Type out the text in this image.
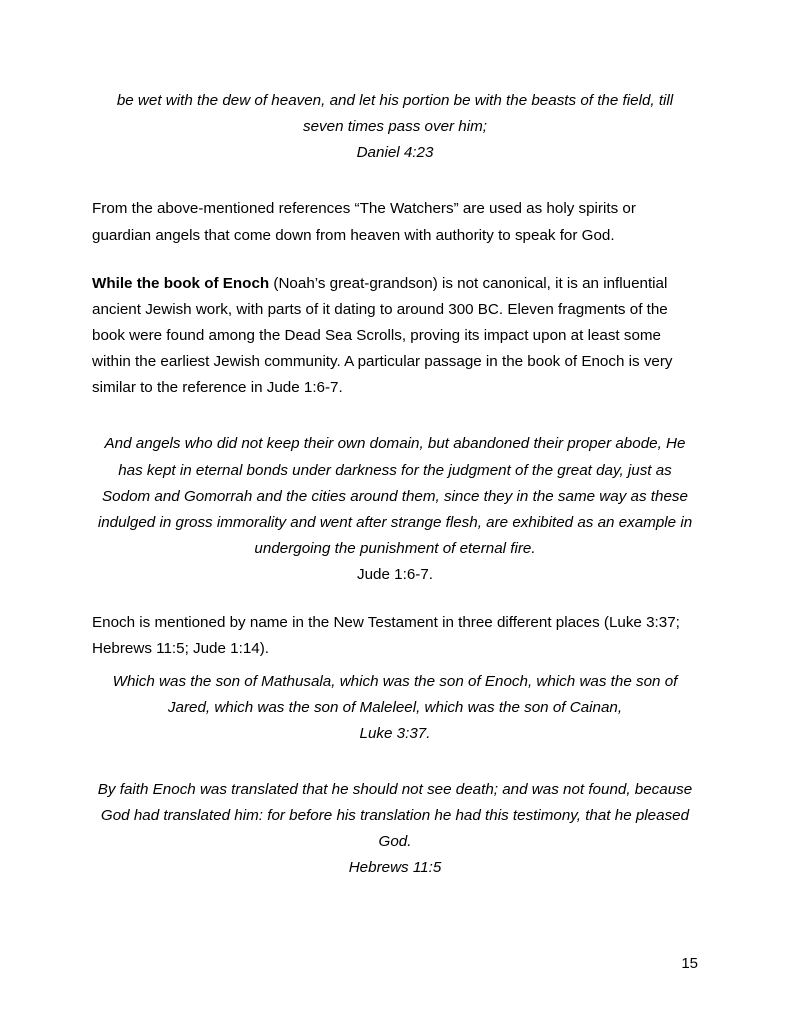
be wet with the dew of heaven, and let his portion be with the beasts of the field, till seven times pass over him;
Daniel 4:23
From the above-mentioned references “The Watchers” are used as holy spirits or guardian angels that come down from heaven with authority to speak for God.
While the book of Enoch (Noah’s great-grandson) is not canonical, it is an influential ancient Jewish work, with parts of it dating to around 300 BC. Eleven fragments of the book were found among the Dead Sea Scrolls, proving its impact upon at least some within the earliest Jewish community. A particular passage in the book of Enoch is very similar to the reference in Jude 1:6-7.
And angels who did not keep their own domain, but abandoned their proper abode, He has kept in eternal bonds under darkness for the judgment of the great day, just as Sodom and Gomorrah and the cities around them, since they in the same way as these indulged in gross immorality and went after strange flesh, are exhibited as an example in undergoing the punishment of eternal fire.
Jude 1:6-7.
Enoch is mentioned by name in the New Testament in three different places (Luke 3:37; Hebrews 11:5; Jude 1:14).
Which was the son of Mathusala, which was the son of Enoch, which was the son of Jared, which was the son of Maleleel, which was the son of Cainan,
Luke 3:37.
By faith Enoch was translated that he should not see death; and was not found, because God had translated him: for before his translation he had this testimony, that he pleased God.
Hebrews 11:5
15
